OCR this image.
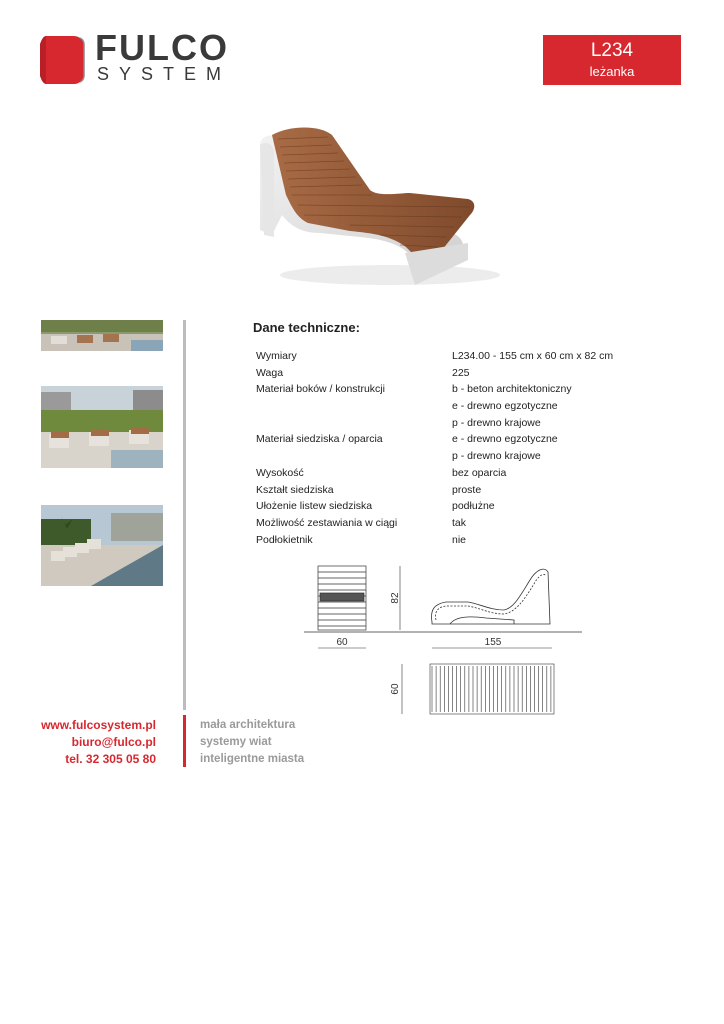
FULCO
SYSTEM
L234
leżanka
Dane techniczne:
Wymiary	L234.00 - 155 cm x 60 cm x 82 cm
Waga	225
Materiał boków / konstrukcji	b - beton architektoniczny
	e - drewno egzotyczne
	p - drewno krajowe
Materiał siedziska / oparcia	e - drewno egzotyczne
	p - drewno krajowe
Wysokość	bez oparcia
Kształt siedziska	proste
Ułożenie listew siedziska	podłużne
Możliwość zestawiania w ciągi	tak
Podłokietnik	nie
60
82
155
60
www.fulcosystem.pl
biuro@fulco.pl
tel. 32 305 05 80
mała architektura
systemy wiat
inteligentne miasta
